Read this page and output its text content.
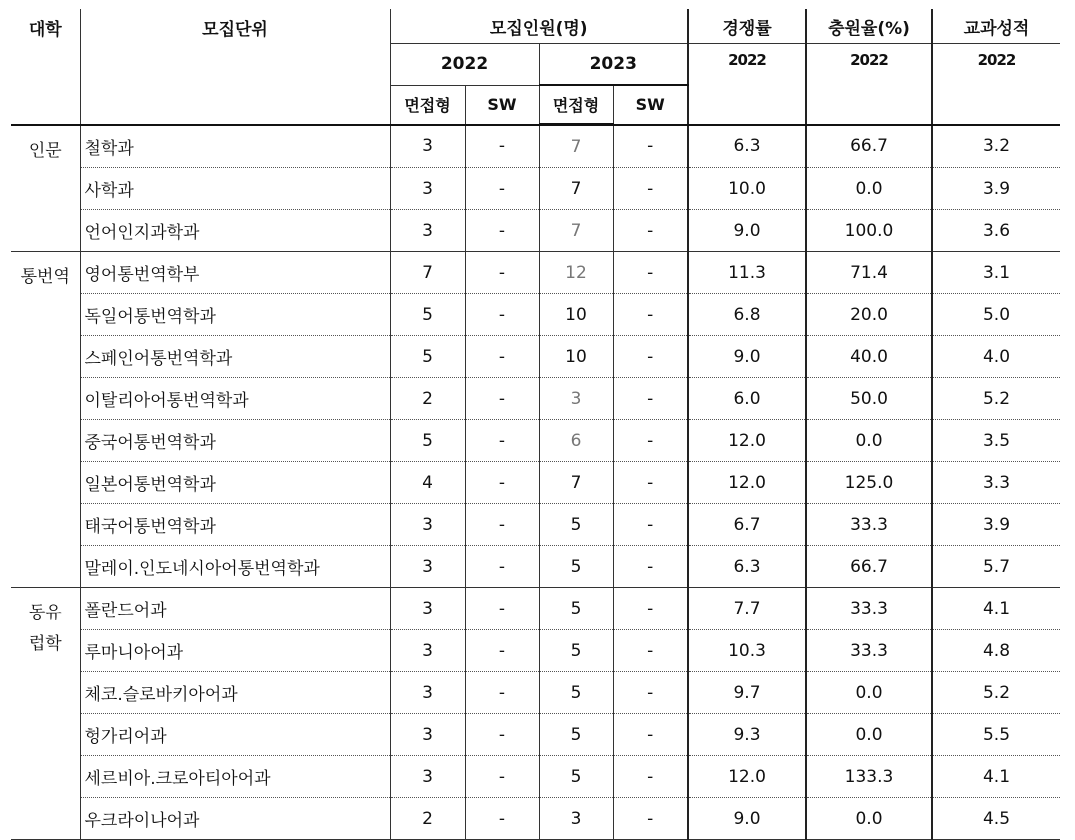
대학	모집단위	모집인원(명)				경쟁률	충원율(%)	교과성적
		2022		2023		2022	2022	2022
		면접형	SW	면접형	SW			

인문	철학과	3	-	7	-	6.3	66.7	3.2
	사학과	3	-	7	-	10.0	0.0	3.9
	언어인지과학과	3	-	7	-	9.0	100.0	3.6

통번역	영어통번역학부	7	-	12	-	11.3	71.4	3.1
	독일어통번역학과	5	-	10	-	6.8	20.0	5.0
	스페인어통번역학과	5	-	10	-	9.0	40.0	4.0
	이탈리아어통번역학과	2	-	3	-	6.0	50.0	5.2
	중국어통번역학과	5	-	6	-	12.0	0.0	3.5
	일본어통번역학과	4	-	7	-	12.0	125.0	3.3
	태국어통번역학과	3	-	5	-	6.7	33.3	3.9
	말레이.인도네시아어통번역학과	3	-	5	-	6.3	66.7	5.7

동유
럽학	폴란드어과	3	-	5	-	7.7	33.3	4.1
	루마니아어과	3	-	5	-	10.3	33.3	4.8
	체코.슬로바키아어과	3	-	5	-	9.7	0.0	5.2
	헝가리어과	3	-	5	-	9.3	0.0	5.5
	세르비아.크로아티아어과	3	-	5	-	12.0	133.3	4.1
	우크라이나어과	2	-	3	-	9.0	0.0	4.5
